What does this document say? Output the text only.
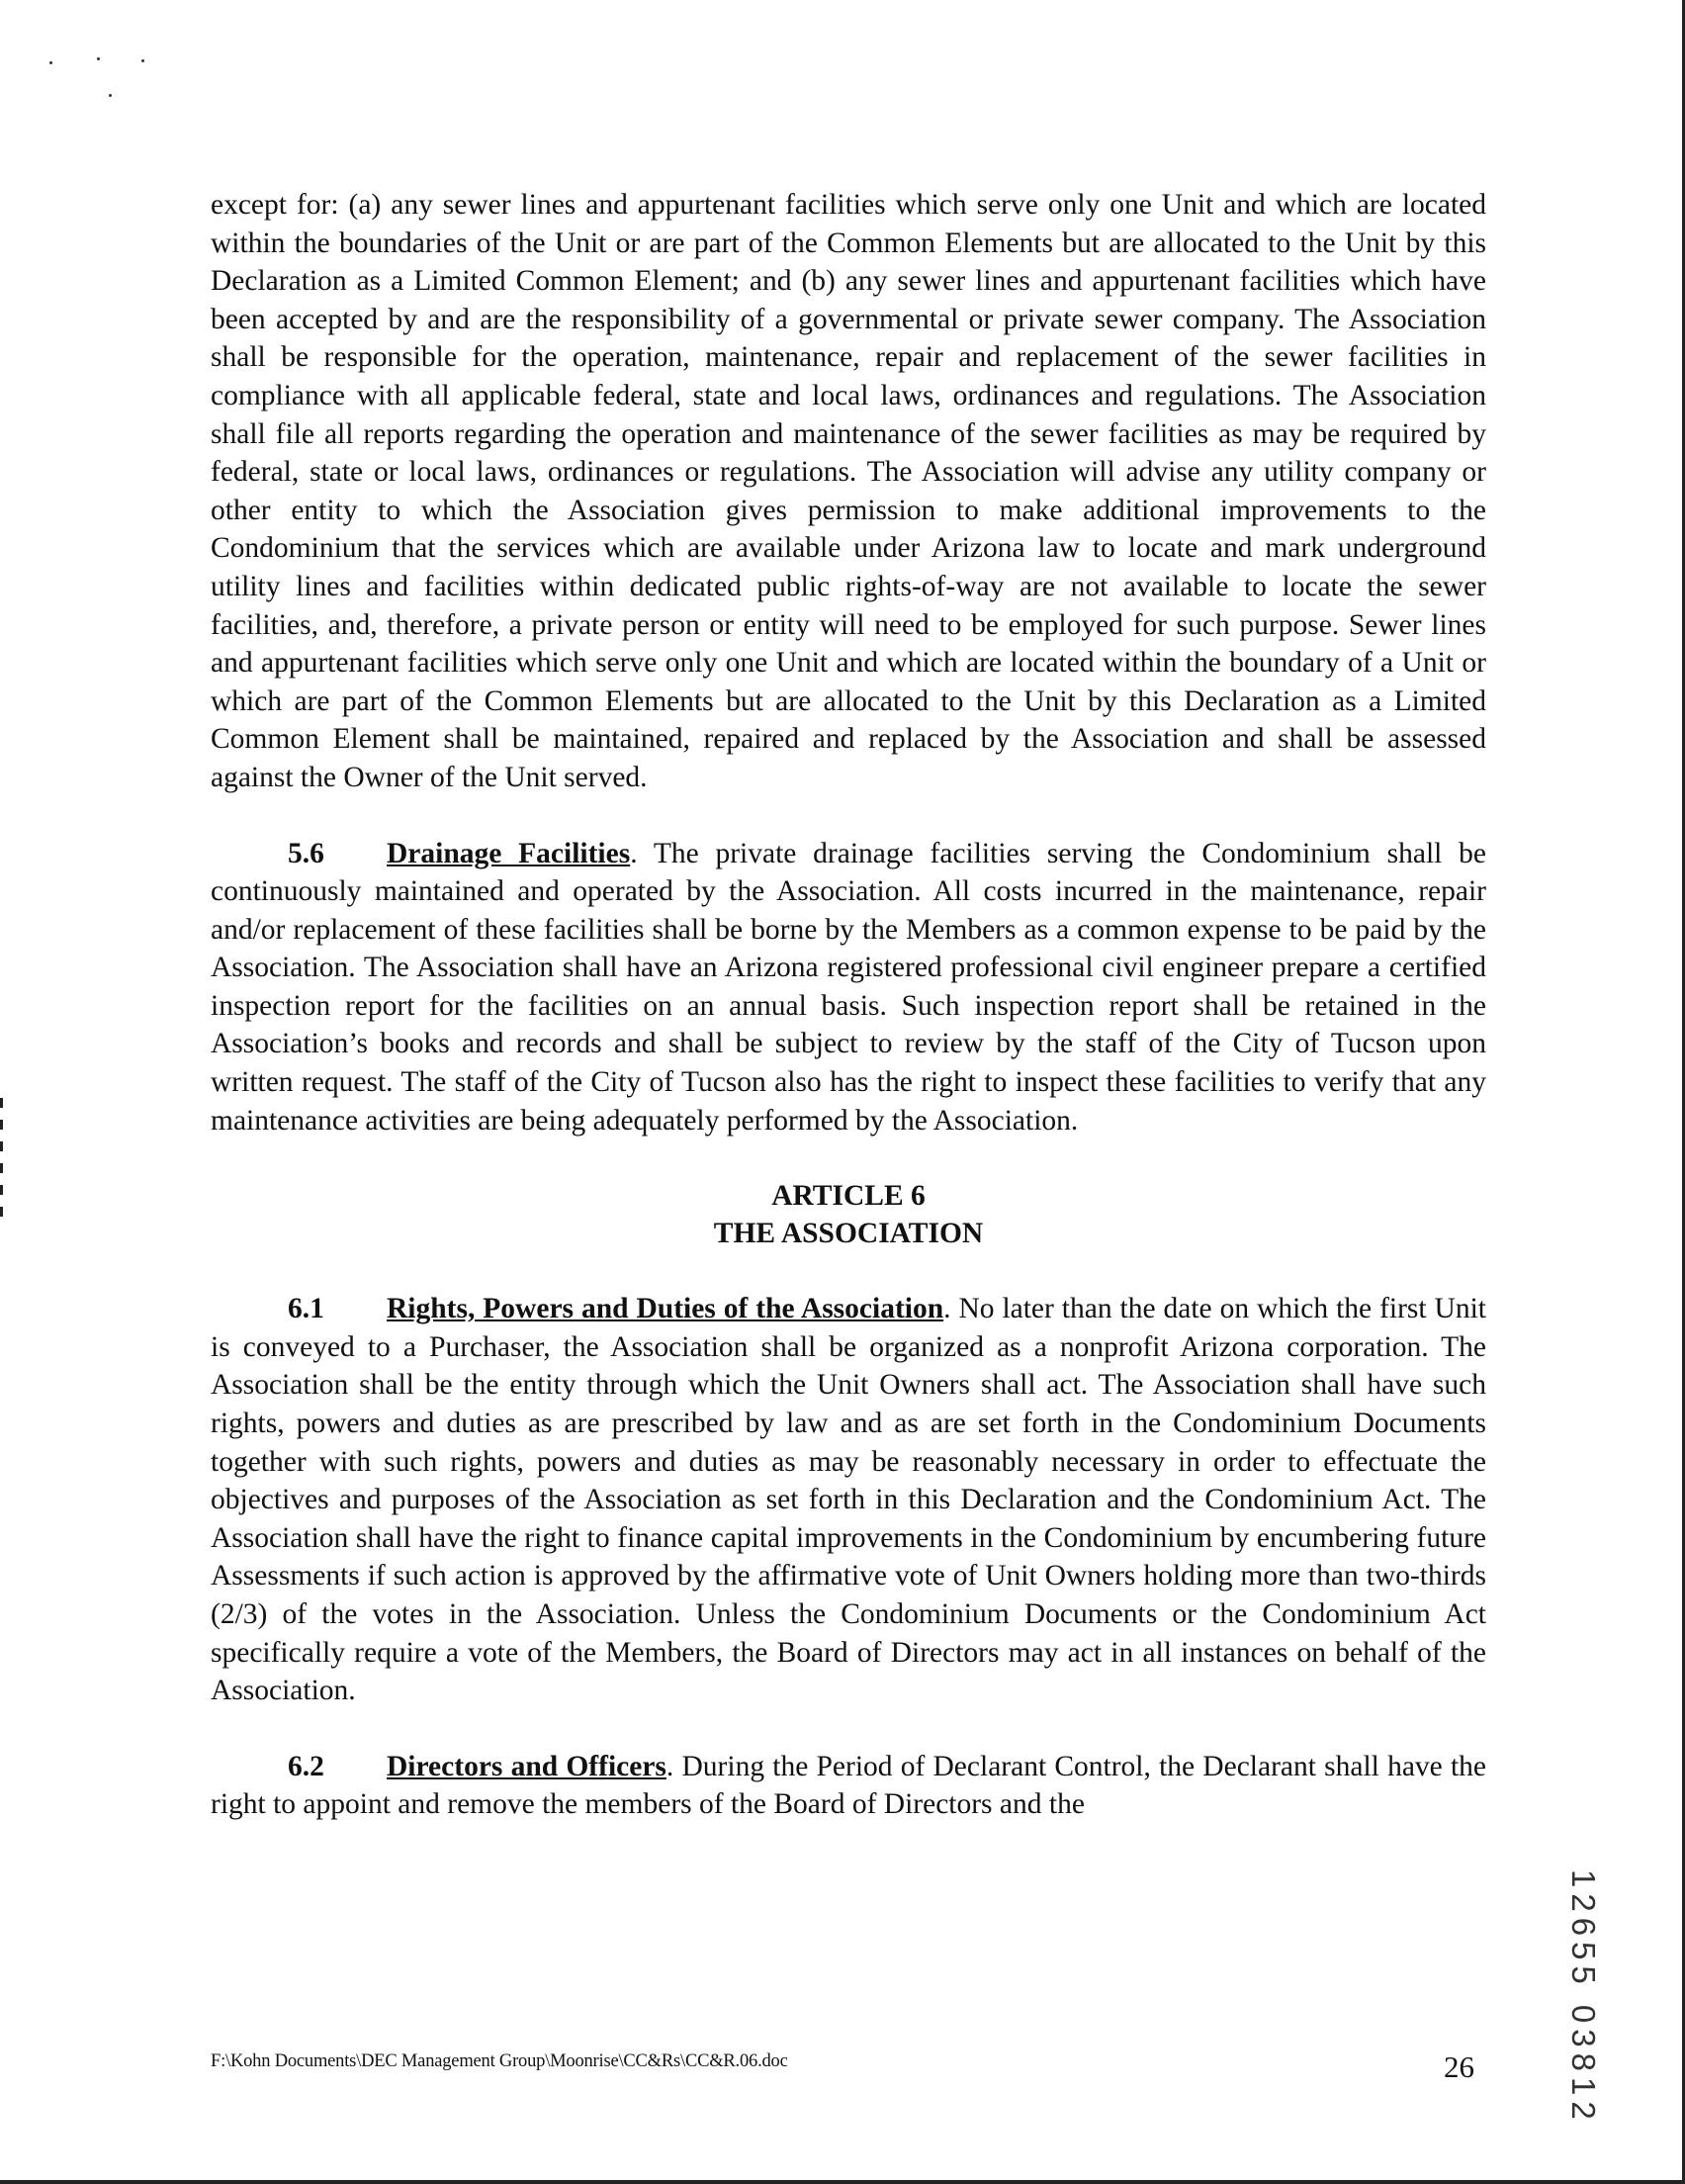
except for: (a) any sewer lines and appurtenant facilities which serve only one Unit and which are located within the boundaries of the Unit or are part of the Common Elements but are allocated to the Unit by this Declaration as a Limited Common Element; and (b) any sewer lines and appurtenant facilities which have been accepted by and are the responsibility of a governmental or private sewer company. The Association shall be responsible for the operation, maintenance, repair and replacement of the sewer facilities in compliance with all applicable federal, state and local laws, ordinances and regulations. The Association shall file all reports regarding the operation and maintenance of the sewer facilities as may be required by federal, state or local laws, ordinances or regulations. The Association will advise any utility company or other entity to which the Association gives permission to make additional improvements to the Condominium that the services which are available under Arizona law to locate and mark underground utility lines and facilities within dedicated public rights-of-way are not available to locate the sewer facilities, and, therefore, a private person or entity will need to be employed for such purpose. Sewer lines and appurtenant facilities which serve only one Unit and which are located within the boundary of a Unit or which are part of the Common Elements but are allocated to the Unit by this Declaration as a Limited Common Element shall be maintained, repaired and replaced by the Association and shall be assessed against the Owner of the Unit served.

5.6 Drainage Facilities. The private drainage facilities serving the Condominium shall be continuously maintained and operated by the Association. All costs incurred in the maintenance, repair and/or replacement of these facilities shall be borne by the Members as a common expense to be paid by the Association. The Association shall have an Arizona registered professional civil engineer prepare a certified inspection report for the facilities on an annual basis. Such inspection report shall be retained in the Association’s books and records and shall be subject to review by the staff of the City of Tucson upon written request. The staff of the City of Tucson also has the right to inspect these facilities to verify that any maintenance activities are being adequately performed by the Association.

ARTICLE 6
THE ASSOCIATION

6.1 Rights, Powers and Duties of the Association. No later than the date on which the first Unit is conveyed to a Purchaser, the Association shall be organized as a nonprofit Arizona corporation. The Association shall be the entity through which the Unit Owners shall act. The Association shall have such rights, powers and duties as are prescribed by law and as are set forth in the Condominium Documents together with such rights, powers and duties as may be reasonably necessary in order to effectuate the objectives and purposes of the Association as set forth in this Declaration and the Condominium Act. The Association shall have the right to finance capital improvements in the Condominium by encumbering future Assessments if such action is approved by the affirmative vote of Unit Owners holding more than two-thirds (2/3) of the votes in the Association. Unless the Condominium Documents or the Condominium Act specifically require a vote of the Members, the Board of Directors may act in all instances on behalf of the Association.

6.2 Directors and Officers. During the Period of Declarant Control, the Declarant shall have the right to appoint and remove the members of the Board of Directors and the

12655 03812
F:\Kohn Documents\DEC Management Group\Moonrise\CC&Rs\CC&R.06.doc	26
